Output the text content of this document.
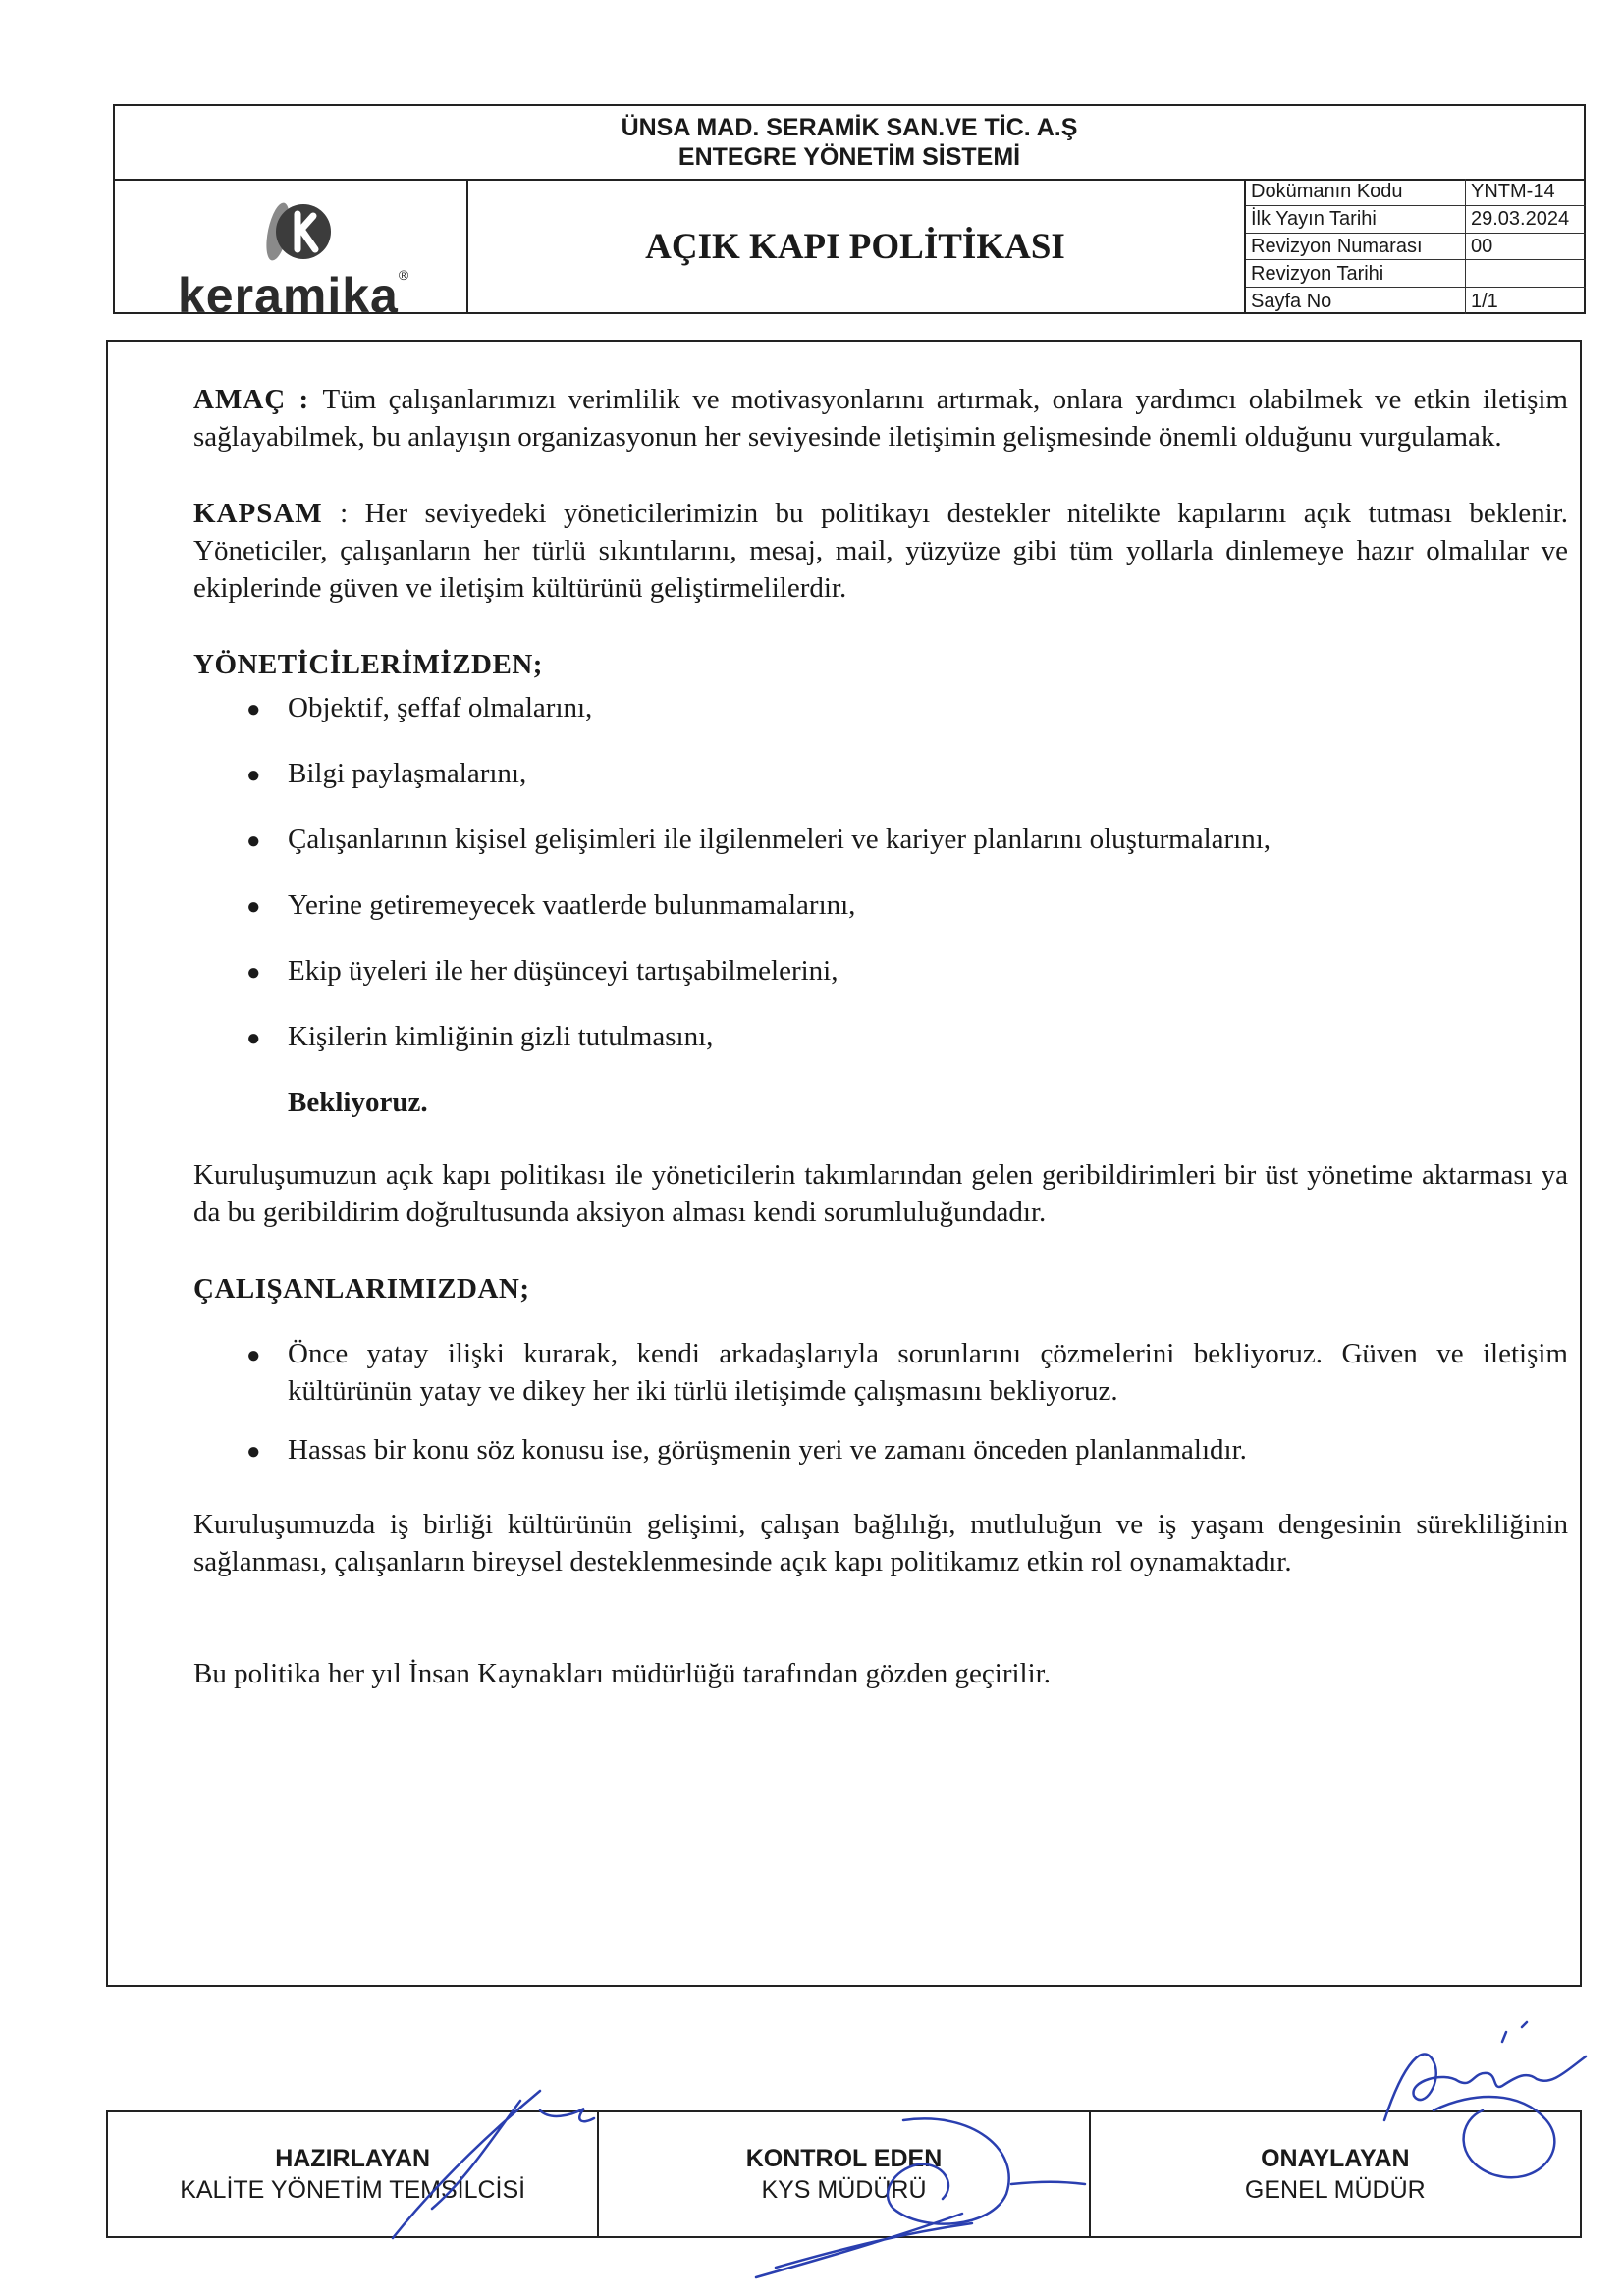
ÜNSA MAD. SERAMİK SAN.VE TİC. A.Ş
ENTEGRE YÖNETİM SİSTEMİ
keramika®
AÇIK KAPI POLİTİKASI
Dokümanın Kodu	YNTM-14
İlk Yayın Tarihi	29.03.2024
Revizyon Numarası	00
Revizyon Tarihi	
Sayfa No	1/1

AMAÇ : Tüm çalışanlarımızı verimlilik ve motivasyonlarını artırmak, onlara yardımcı olabilmek ve etkin iletişim sağlayabilmek, bu anlayışın organizasyonun her seviyesinde iletişimin gelişmesinde önemli olduğunu vurgulamak.

KAPSAM : Her seviyedeki yöneticilerimizin bu politikayı destekler nitelikte kapılarını açık tutması beklenir. Yöneticiler, çalışanların her türlü sıkıntılarını, mesaj, mail, yüzyüze gibi tüm yollarla dinlemeye hazır olmalılar ve ekiplerinde güven ve iletişim kültürünü geliştirmelilerdir.

YÖNETİCİLERİMİZDEN;
● Objektif, şeffaf olmalarını,
● Bilgi paylaşmalarını,
● Çalışanlarının kişisel gelişimleri ile ilgilenmeleri ve kariyer planlarını oluşturmalarını,
● Yerine getiremeyecek vaatlerde bulunmamalarını,
● Ekip üyeleri ile her düşünceyi tartışabilmelerini,
● Kişilerin kimliğinin gizli tutulmasını,
Bekliyoruz.

Kuruluşumuzun açık kapı politikası ile yöneticilerin takımlarından gelen geribildirimleri bir üst yönetime aktarması ya da bu geribildirim doğrultusunda aksiyon alması kendi sorumluluğundadır.

ÇALIŞANLARIMIZDAN;
● Önce yatay ilişki kurarak, kendi arkadaşlarıyla sorunlarını çözmelerini bekliyoruz. Güven ve iletişim kültürünün yatay ve dikey her iki türlü iletişimde çalışmasını bekliyoruz.
● Hassas bir konu söz konusu ise, görüşmenin yeri ve zamanı önceden planlanmalıdır.

Kuruluşumuzda iş birliği kültürünün gelişimi, çalışan bağlılığı, mutluluğun ve iş yaşam dengesinin sürekliliğinin sağlanması, çalışanların bireysel desteklenmesinde açık kapı politikamız etkin rol oynamaktadır.

Bu politika her yıl İnsan Kaynakları müdürlüğü tarafından gözden geçirilir.

HAZIRLAYAN
KALİTE YÖNETİM TEMSİLCİSİ
KONTROL EDEN
KYS MÜDÜRÜ
ONAYLAYAN
GENEL MÜDÜR
